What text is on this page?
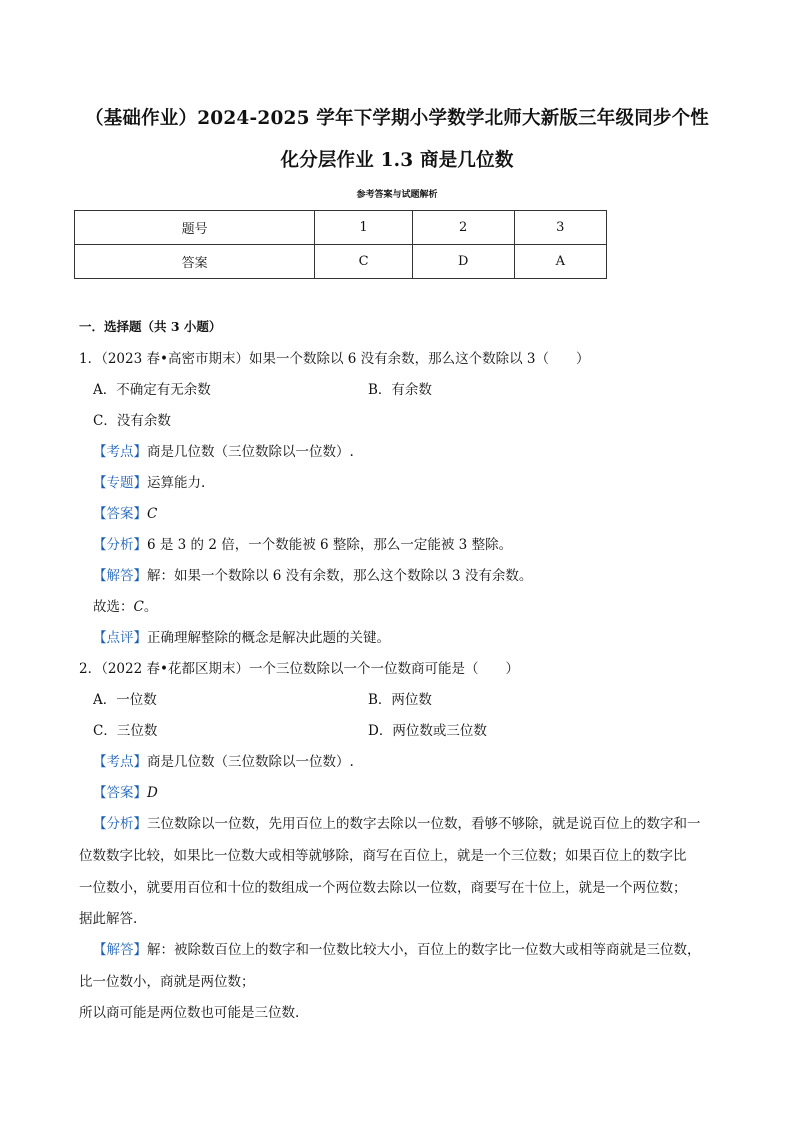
（基础作业）2024-2025 学年下学期小学数学北师大新版三年级同步个性
化分层作业 1.3 商是几位数
参考答案与试题解析
题号	1	2	3
答案	C	D	A
一．选择题（共 3 小题）
1．（2023 春•高密市期末）如果一个数除以 6 没有余数，那么这个数除以 3（　　）
A．不确定有无余数	B．有余数
C．没有余数
【考点】商是几位数（三位数除以一位数）.
【专题】运算能力.
【答案】C
【分析】6 是 3 的 2 倍，一个数能被 6 整除，那么一定能被 3 整除。
【解答】解：如果一个数除以 6 没有余数，那么这个数除以 3 没有余数。
故选：C。
【点评】正确理解整除的概念是解决此题的关键。
2．（2022 春•花都区期末）一个三位数除以一个一位数商可能是（　　）
A．一位数	B．两位数
C．三位数	D．两位数或三位数
【考点】商是几位数（三位数除以一位数）.
【答案】D
【分析】三位数除以一位数，先用百位上的数字去除以一位数，看够不够除，就是说百位上的数字和一
位数数字比较，如果比一位数大或相等就够除，商写在百位上，就是一个三位数；如果百位上的数字比
一位数小，就要用百位和十位的数组成一个两位数去除以一位数，商要写在十位上，就是一个两位数；
据此解答.
【解答】解：被除数百位上的数字和一位数比较大小，百位上的数字比一位数大或相等商就是三位数，
比一位数小，商就是两位数；
所以商可能是两位数也可能是三位数.
